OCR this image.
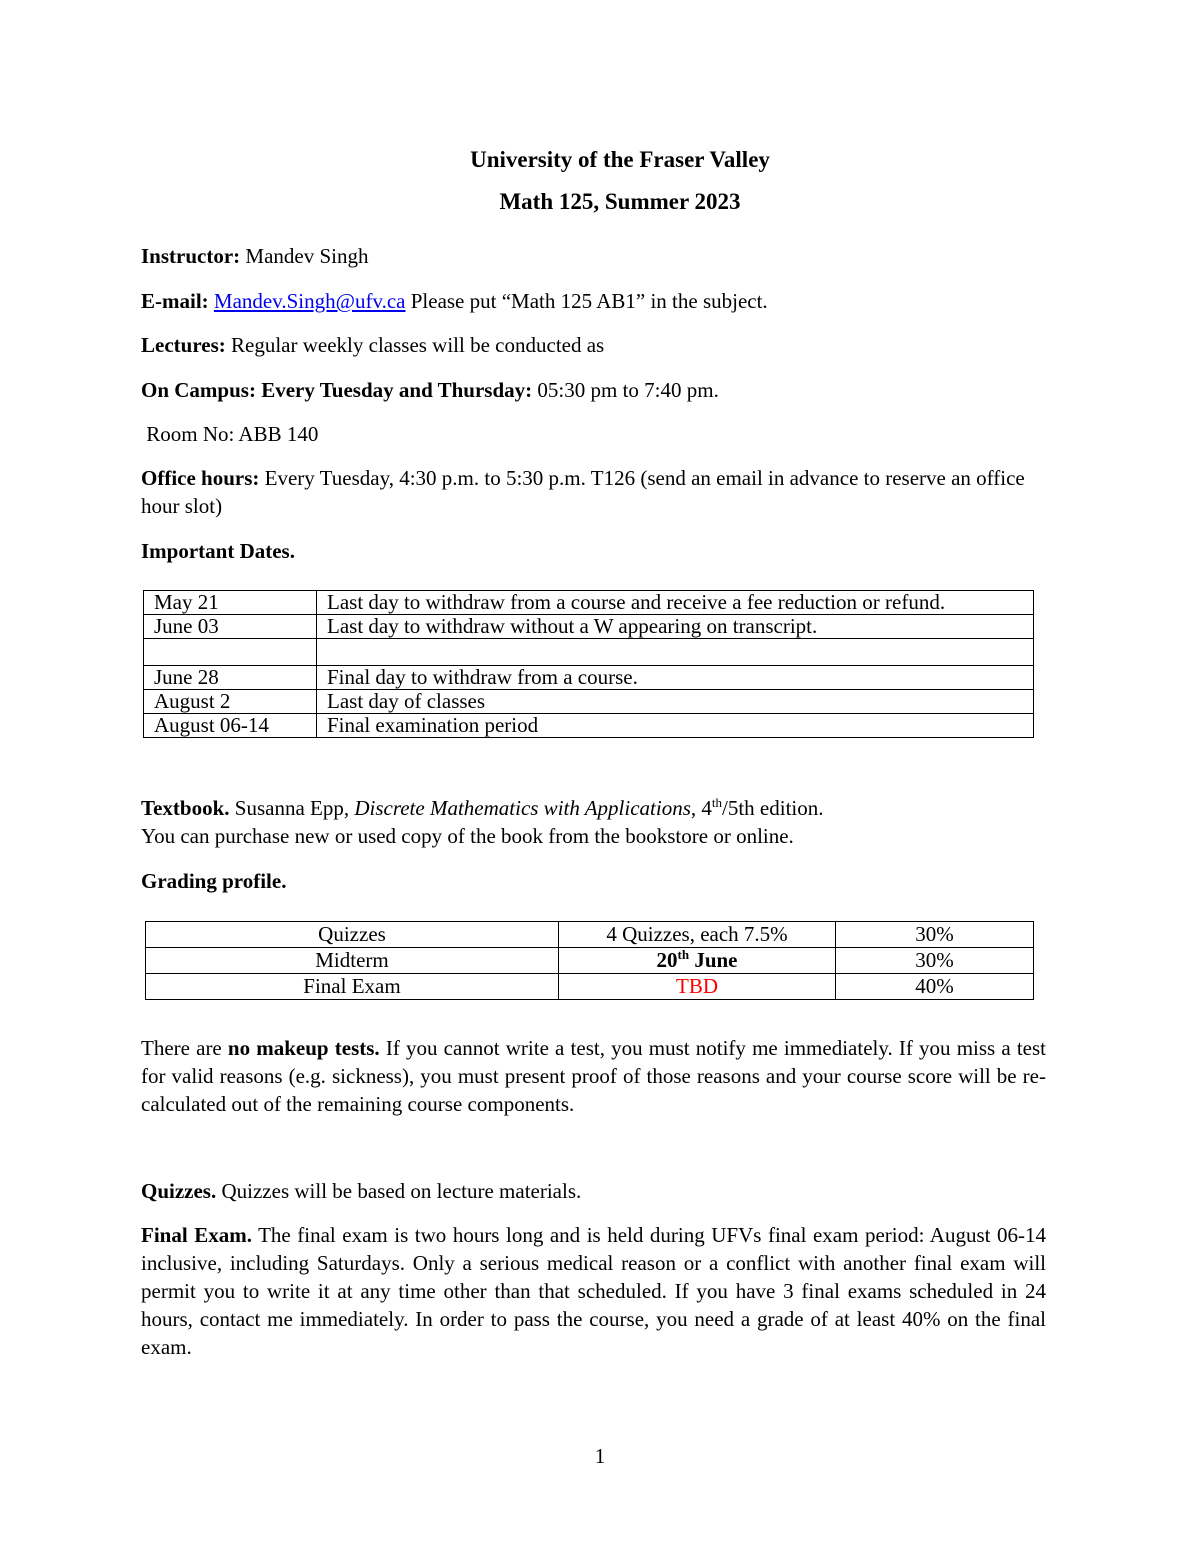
University of the Fraser Valley
Math 125, Summer 2023
Instructor: Mandev Singh
E-mail: Mandev.Singh@ufv.ca Please put “Math 125 AB1” in the subject.
Lectures: Regular weekly classes will be conducted as
On Campus: Every Tuesday and Thursday: 05:30 pm to 7:40 pm.
Room No: ABB 140
Office hours: Every Tuesday, 4:30 p.m. to 5:30 p.m. T126 (send an email in advance to reserve an office hour slot)
Important Dates.
May 21	Last day to withdraw from a course and receive a fee reduction or refund.
June 03	Last day to withdraw without a W appearing on transcript.

June 28	Final day to withdraw from a course.
August 2	Last day of classes
August 06-14	Final examination period
Textbook. Susanna Epp, Discrete Mathematics with Applications, 4th/5th edition.
You can purchase new or used copy of the book from the bookstore or online.
Grading profile.
Quizzes	4 Quizzes, each 7.5%	30%
Midterm	20th June	30%
Final Exam	TBD	40%
There are no makeup tests. If you cannot write a test, you must notify me immediately. If you miss a test for valid reasons (e.g. sickness), you must present proof of those reasons and your course score will be re-calculated out of the remaining course components.
Quizzes. Quizzes will be based on lecture materials.
Final Exam. The final exam is two hours long and is held during UFVs final exam period: August 06-14 inclusive, including Saturdays. Only a serious medical reason or a conflict with another final exam will permit you to write it at any time other than that scheduled. If you have 3 final exams scheduled in 24 hours, contact me immediately. In order to pass the course, you need a grade of at least 40% on the final exam.
1
